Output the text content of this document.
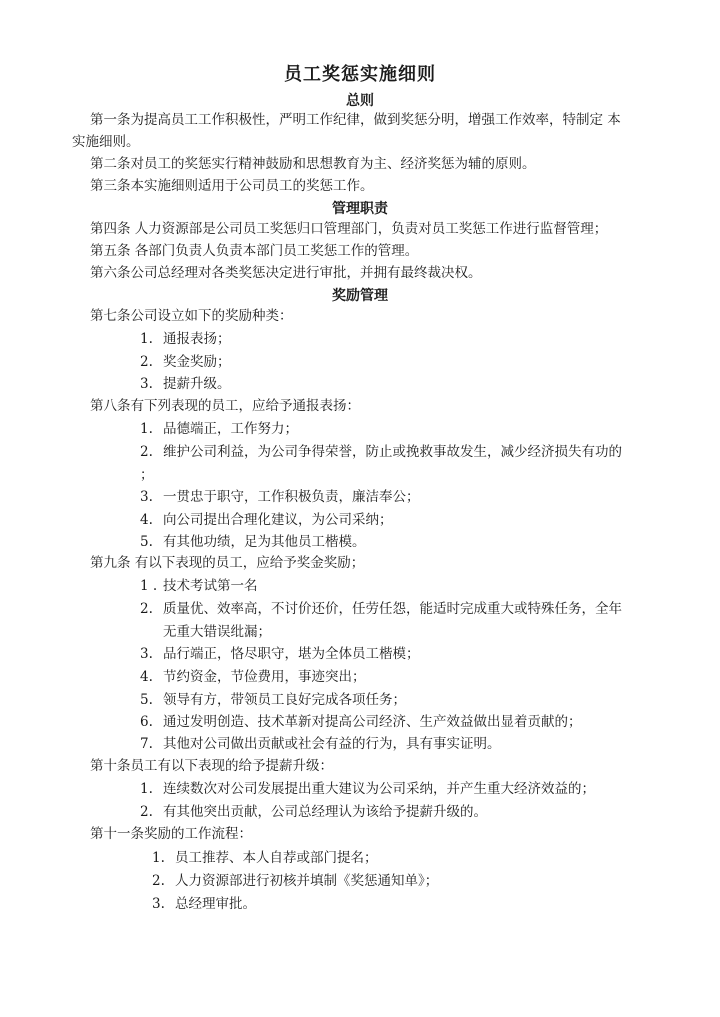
员工奖惩实施细则
总则
第一条为提高员工工作积极性，严明工作纪律，做到奖惩分明，增强工作效率，特制定 本
实施细则。
第二条对员工的奖惩实行精神鼓励和思想教育为主、经济奖惩为辅的原则。
第三条本实施细则适用于公司员工的奖惩工作。
管理职责
第四条 人力资源部是公司员工奖惩归口管理部门，负责对员工奖惩工作进行监督管理；
第五条 各部门负责人负责本部门员工奖惩工作的管理。
第六条公司总经理对各类奖惩决定进行审批，并拥有最终裁决权。
奖励管理
第七条公司设立如下的奖励种类：
1. 通报表扬；
2. 奖金奖励；
3. 提薪升级。
第八条有下列表现的员工，应给予通报表扬：
1. 品德端正，工作努力；
2. 维护公司利益，为公司争得荣誉，防止或挽救事故发生，减少经济损失有功的
；
3. 一贯忠于职守，工作积极负责，廉洁奉公；
4. 向公司提出合理化建议，为公司采纳；
5. 有其他功绩，足为其他员工楷模。
第九条 有以下表现的员工，应给予奖金奖励；
1 . 技术考试第一名
2. 质量优、效率高，不讨价还价，任劳任怨，能适时完成重大或特殊任务，全年
无重大错误纰漏；
3. 品行端正，恪尽职守，堪为全体员工楷模；
4. 节约资金，节俭费用，事迹突出；
5. 领导有方，带领员工良好完成各项任务；
6. 通过发明创造、技术革新对提高公司经济、生产效益做出显着贡献的；
7. 其他对公司做出贡献或社会有益的行为，具有事实证明。
第十条员工有以下表现的给予提薪升级：
1. 连续数次对公司发展提出重大建议为公司采纳，并产生重大经济效益的；
2. 有其他突出贡献，公司总经理认为该给予提薪升级的。
第十一条奖励的工作流程：
1. 员工推荐、本人自荐或部门提名；
2. 人力资源部进行初核并填制《奖惩通知单》；
3. 总经理审批。
